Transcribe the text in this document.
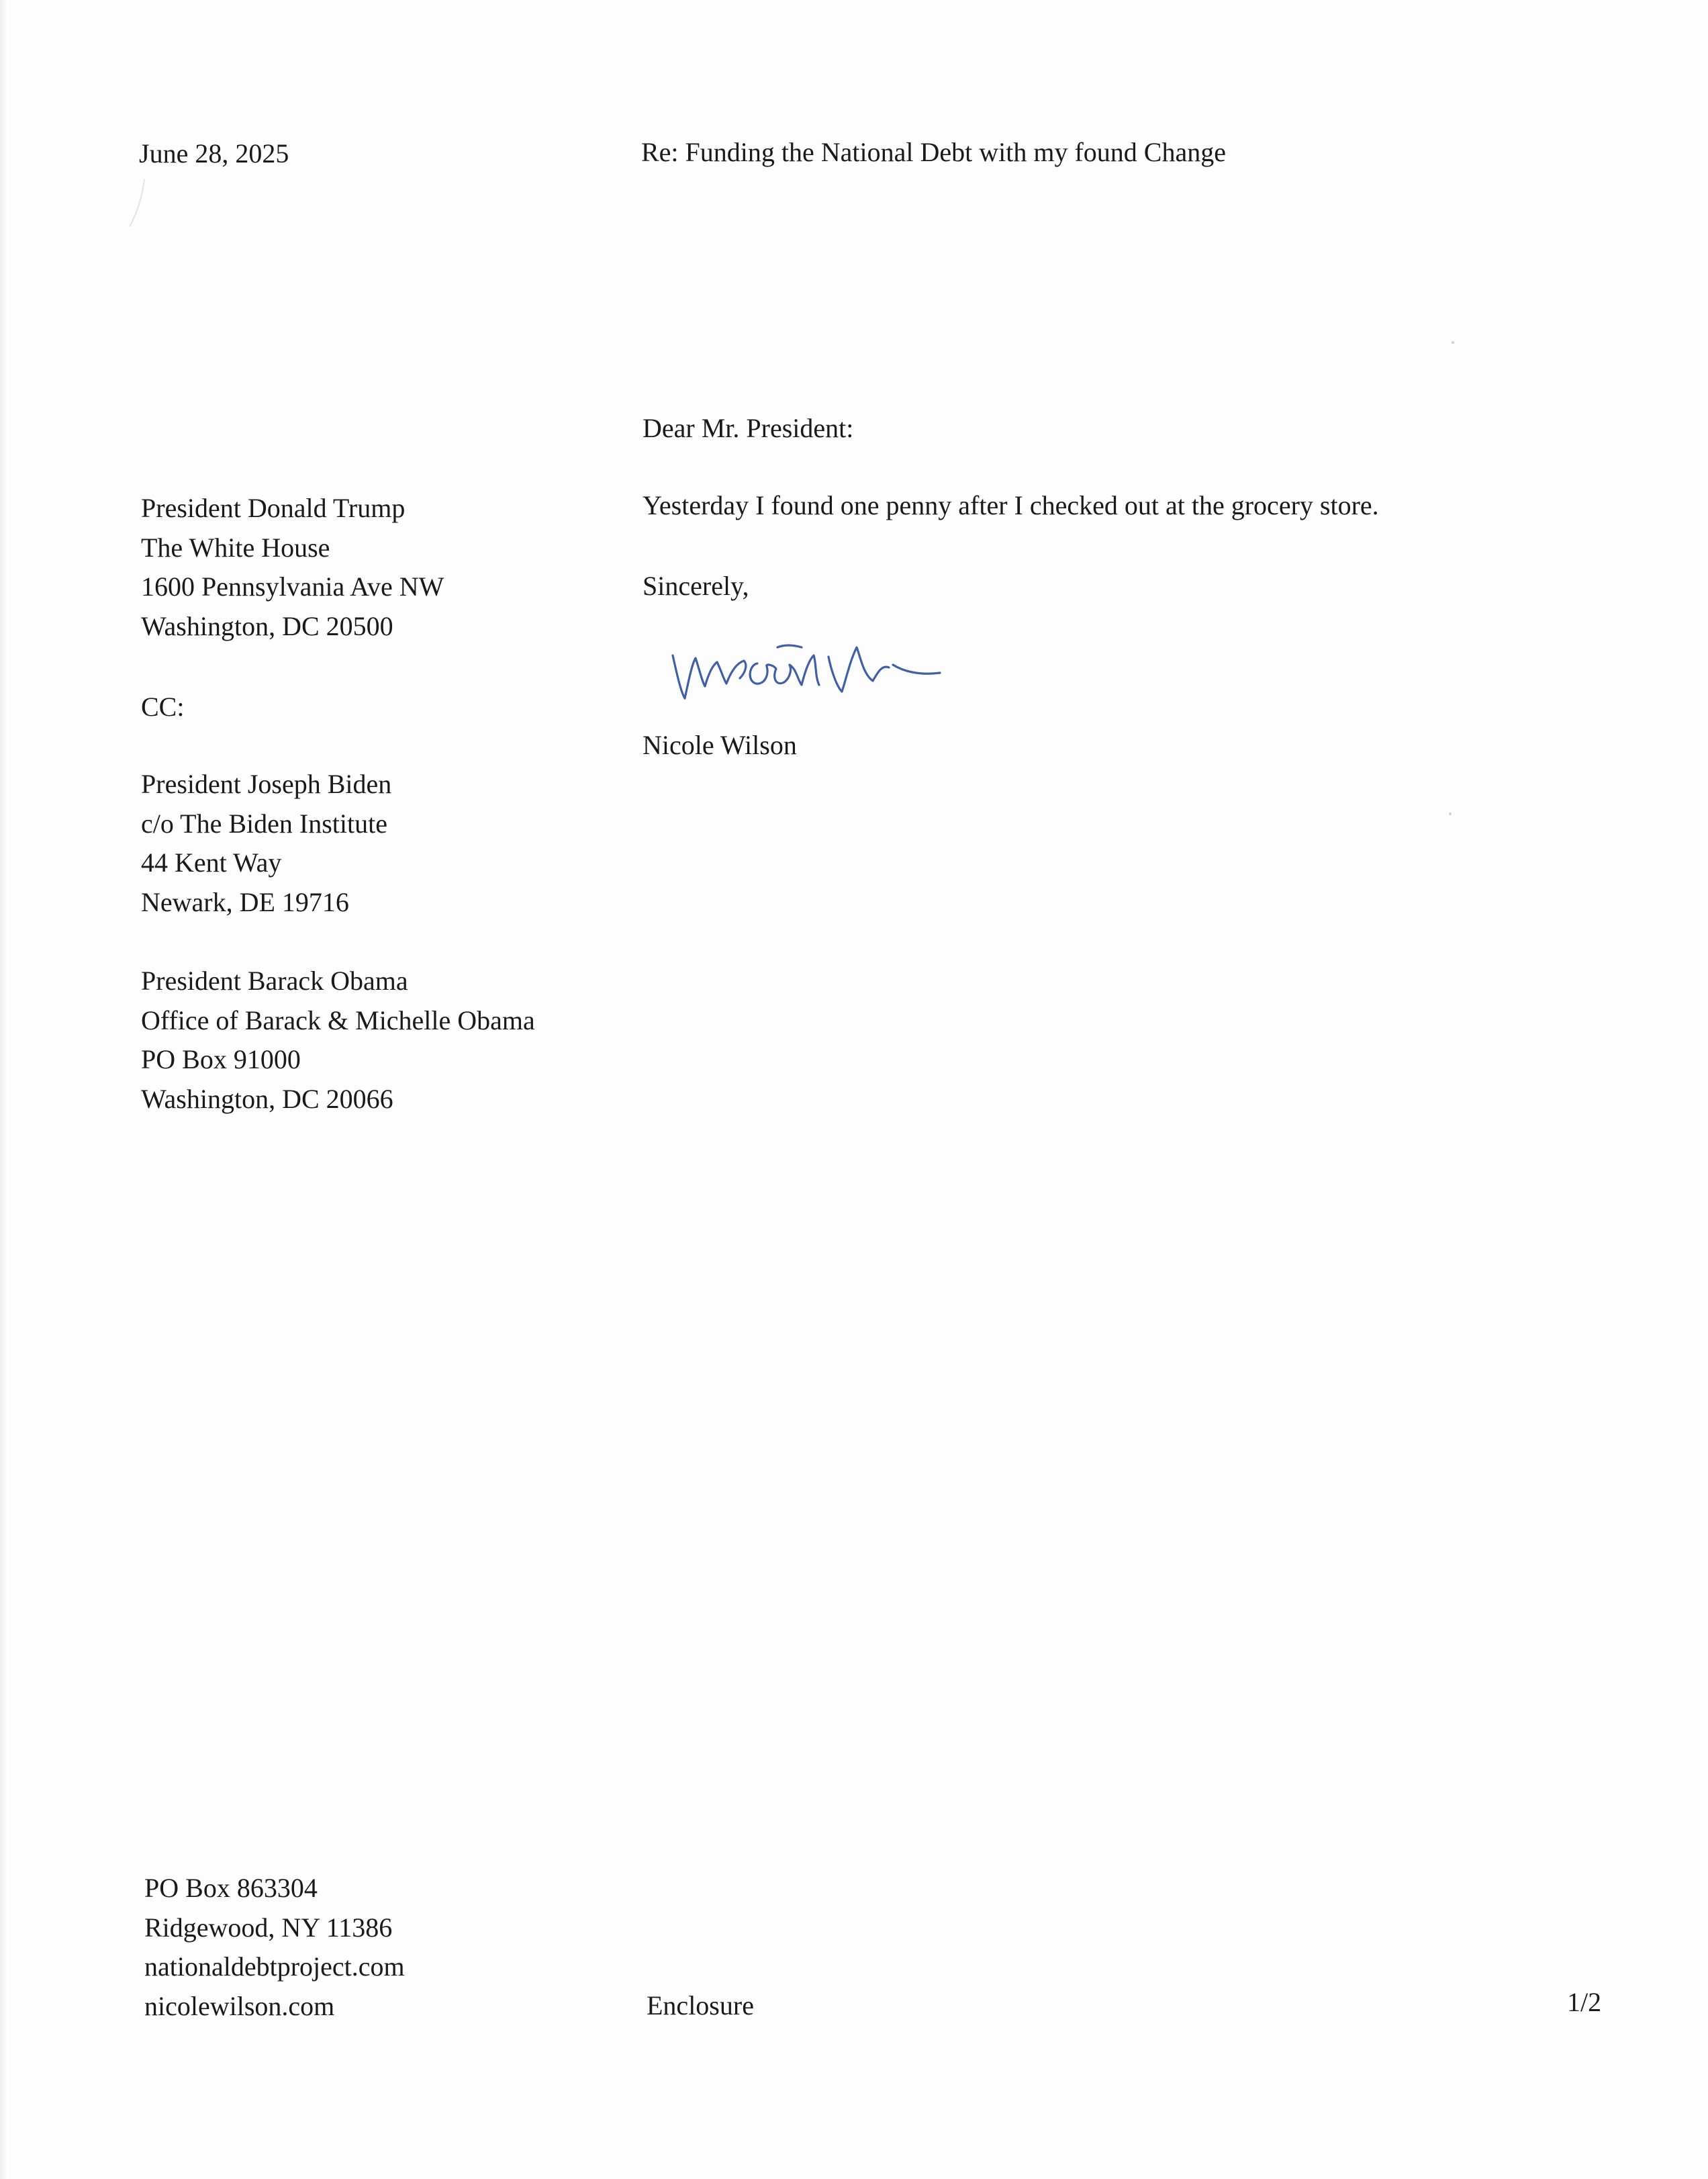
June 28, 2025	Re: Funding the National Debt with my found Change
Dear Mr. President:
Yesterday I found one penny after I checked out at the grocery store.
Sincerely,
Nicole Wilson
President Donald Trump
The White House
1600 Pennsylvania Ave NW
Washington, DC 20500
CC:
President Joseph Biden
c/o The Biden Institute
44 Kent Way
Newark, DE 19716
President Barack Obama
Office of Barack & Michelle Obama
PO Box 91000
Washington, DC 20066
PO Box 863304
Ridgewood, NY 11386
nationaldebtproject.com
nicolewilson.com	Enclosure	1/2
